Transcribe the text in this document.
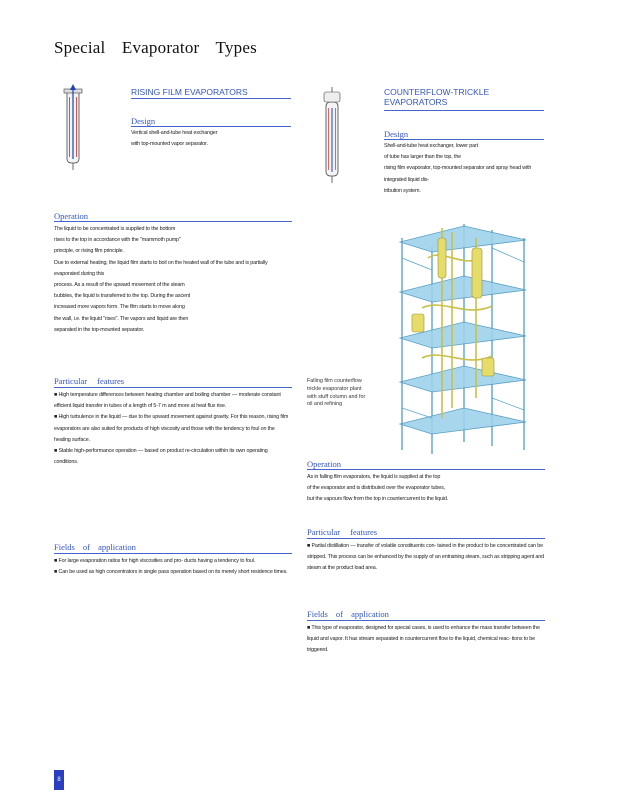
Special Evaporator Types
RISING FILM EVAPORATORS
Design

Vertical shell-and-tube heat exchanger

with top-mounted vapor separator.

COUNTERFLOW-TRICKLE
EVAPORATORS
Design

Shell-and-tube heat exchanger, lower part

of tube has larger than the top, the

rising film evaporator, top-mounted separator and spray head with integrated liquid dis-

tribution system.

Falling film counterflow
trickle evaporator plant
with stuff column and for
oil and refining
Operation

The liquid to be concentrated is supplied to the bottom

rises to the top in accordance with the "mammoth pump"

principle, or rising film principle.

Due to external heating, the liquid film starts to boil on the heated wall of the tube and is partially evaporated during this

process. As a result of the upward movement of the steam

bubbles, the liquid is transferred to the top. During the ascent

increased more vapors form. The film starts to move along

the wall, i.e. the liquid "rises". The vapors and liquid are then

separated in the top-mounted separator.

Particular features

■ High temperature differences between heating chamber and boiling chamber — moderate constant efficient liquid transfer in tubes of a length of 5-7 m and more at heat flux rise.

■ High turbulence in the liquid — due to the upward movement against gravity. For this reason, rising film evaporators are also suited for products of high viscosity and those with the tendency to foul on the heating surface.

■ Stable high-performance operation — based on product re-circulation within its own operating conditions.

Fields of application

■ For large evaporation ratios for high viscosities and pro- ducts having a tendency to foul.

■ Can be used as high concentrators in single pass operation based on its merely short residence times.

Operation

As in falling film evaporators, the liquid is supplied at the top

of the evaporator and is distributed over the evaporator tubes,

but the vapours flow from the top in countercurrent to the liquid.

Particular features

■ Partial distillation — transfer of volatile constituents con- tained in the product to be concentrated can be stripped. This process can be enhanced by the supply of an entraining steam, such as stripping agent and steam at the product load area.

Fields of application

■ This type of evaporator, designed for special cases, is used to enhance the mass transfer between the liquid and vapor. It has stream separated in countercurrent flow to the liquid, chemical reac- tions to be triggered.

8
